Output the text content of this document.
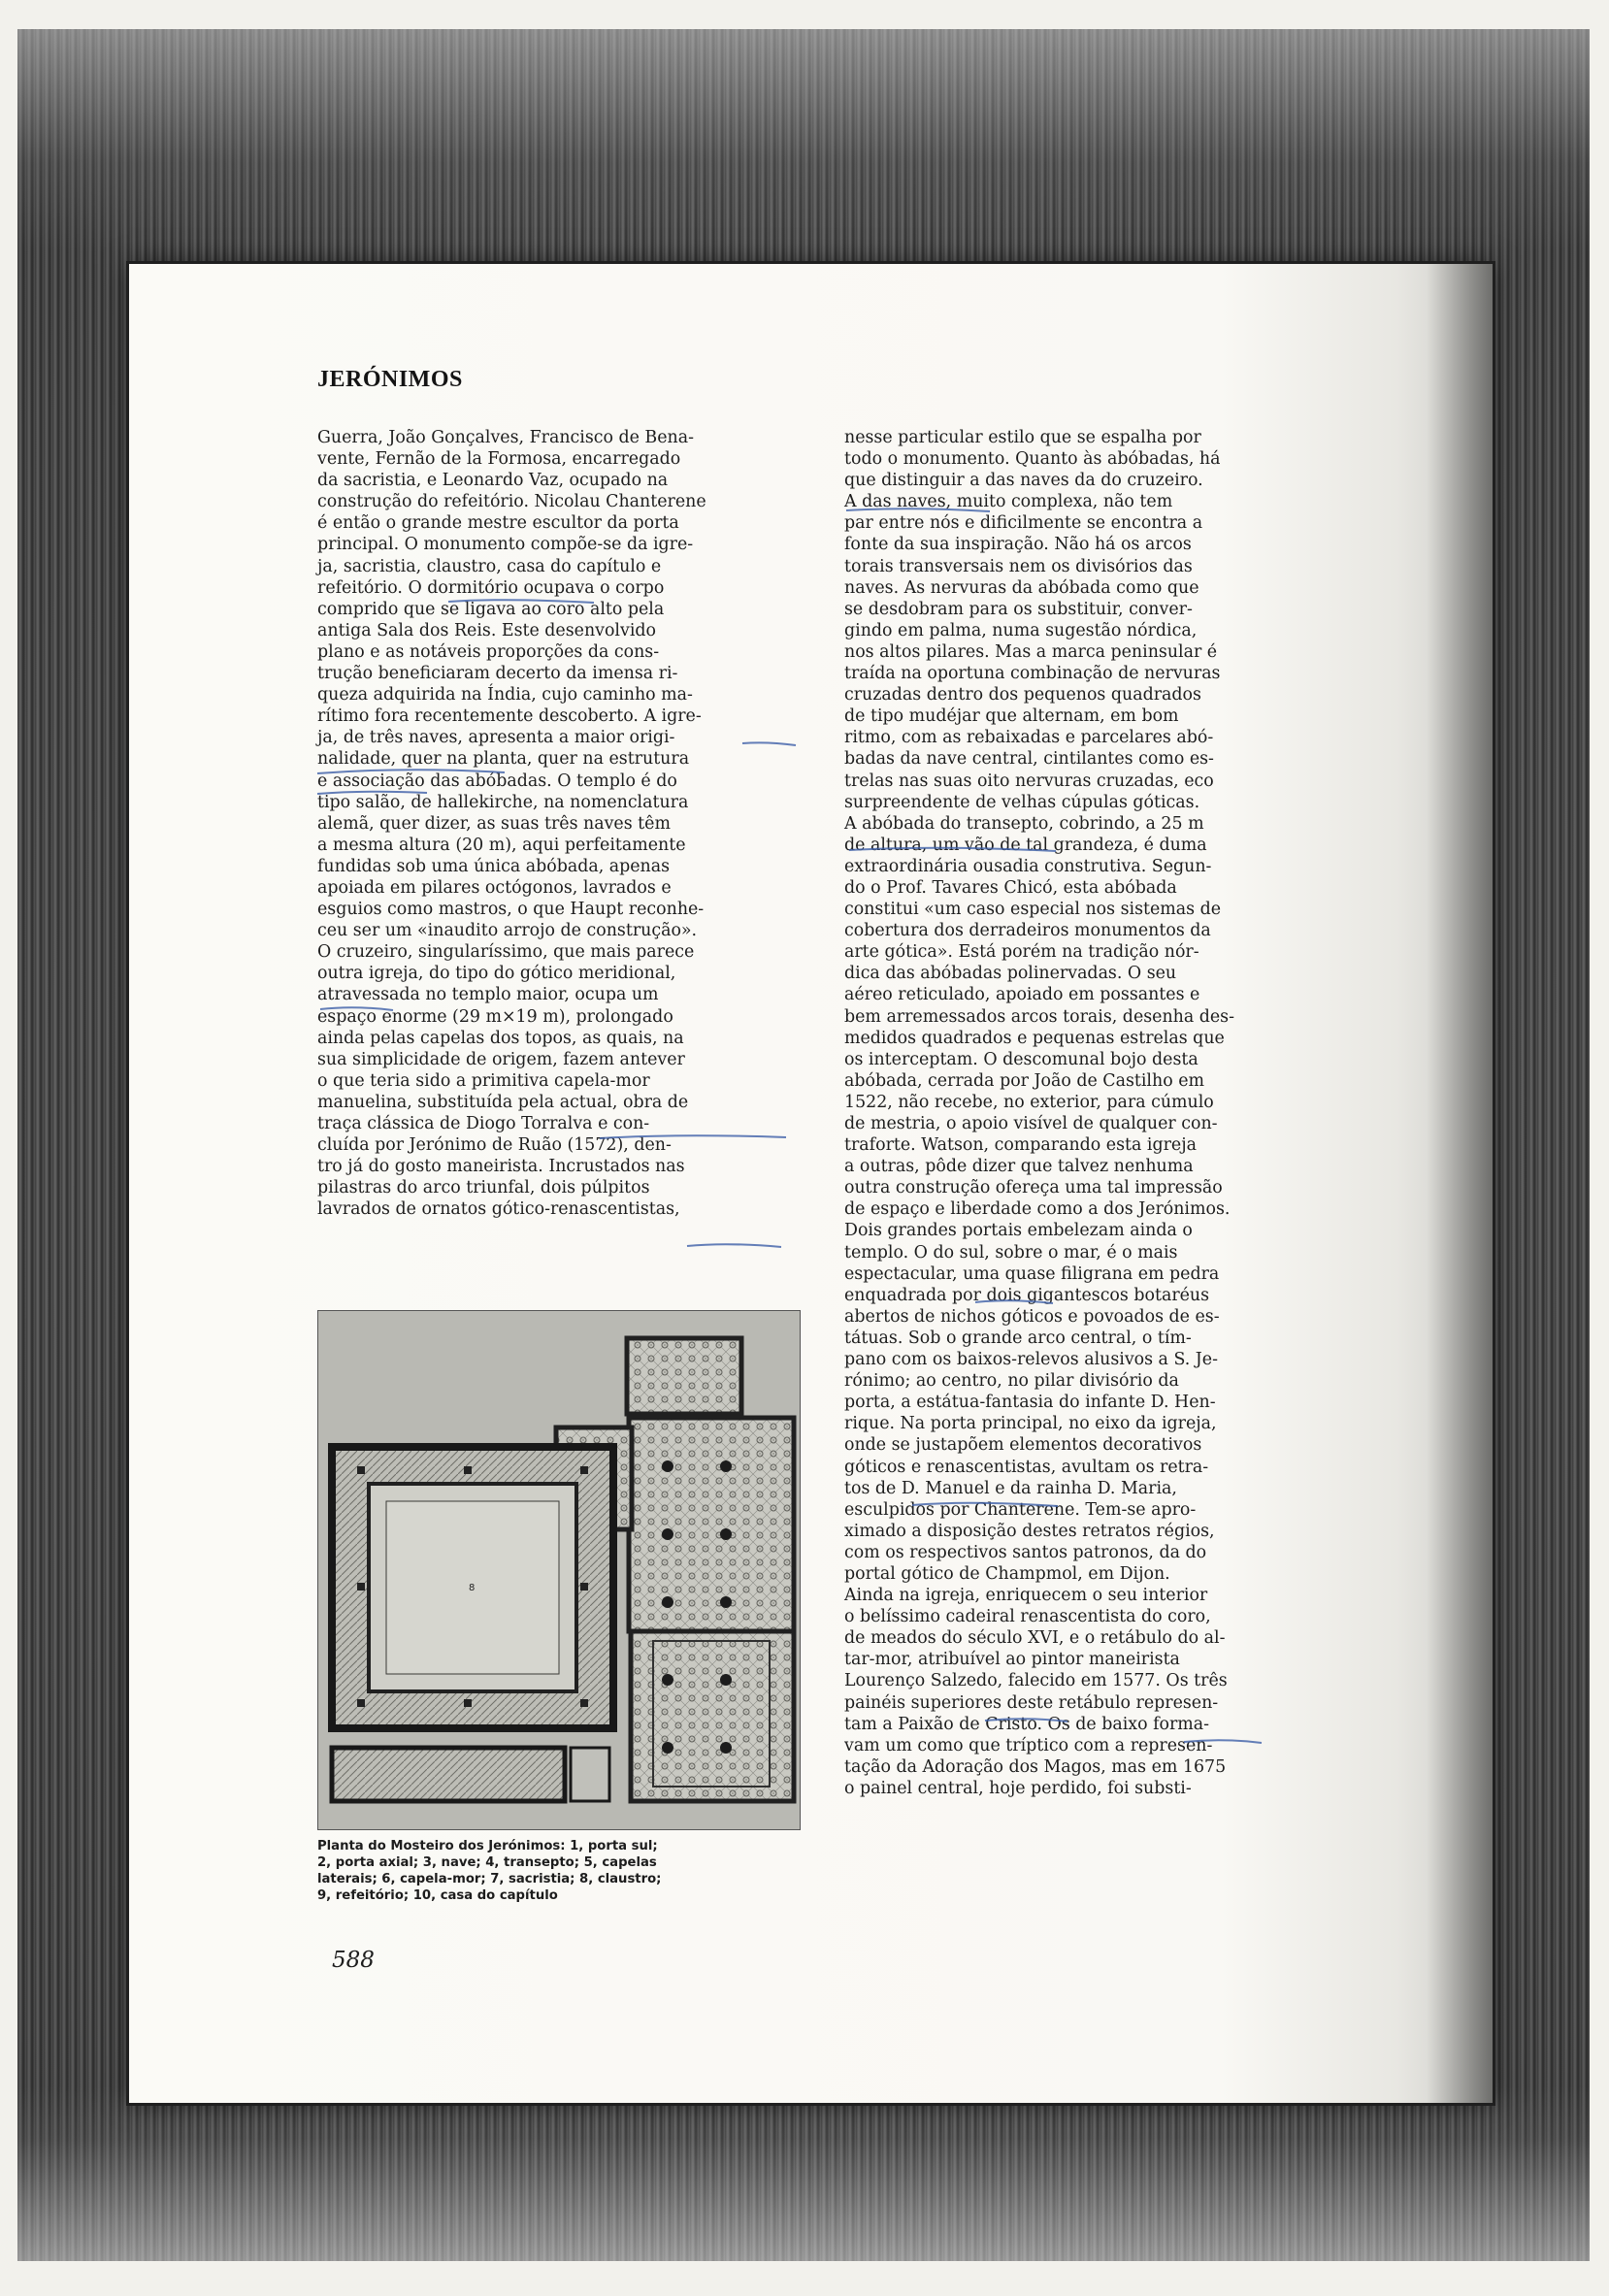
JERÓNIMOS

Guerra, João Gonçalves, Francisco de Bena-
vente, Fernão de la Formosa, encarregado
da sacristia, e Leonardo Vaz, ocupado na
construção do refeitório. Nicolau Chanterene
é então o grande mestre escultor da porta
principal. O monumento compõe-se da igre-
ja, sacristia, claustro, casa do capítulo e
refeitório. O dormitório ocupava o corpo
comprido que se ligava ao coro alto pela
antiga Sala dos Reis. Este desenvolvido
plano e as notáveis proporções da cons-
trução beneficiaram decerto da imensa ri-
queza adquirida na Índia, cujo caminho ma-
rítimo fora recentemente descoberto. A igre-
ja, de três naves, apresenta a maior origi-
nalidade, quer na planta, quer na estrutura
e associação das abóbadas. O templo é do
tipo salão, de hallekirche, na nomenclatura
alemã, quer dizer, as suas três naves têm
a mesma altura (20 m), aqui perfeitamente
fundidas sob uma única abóbada, apenas
apoiada em pilares octógonos, lavrados e
esguios como mastros, o que Haupt reconhe-
ceu ser um «inaudito arrojo de construção».
O cruzeiro, singularíssimo, que mais parece
outra igreja, do tipo do gótico meridional,
atravessada no templo maior, ocupa um
espaço enorme (29 m×19 m), prolongado
ainda pelas capelas dos topos, as quais, na
sua simplicidade de origem, fazem antever
o que teria sido a primitiva capela-mor
manuelina, substituída pela actual, obra de
traça clássica de Diogo Torralva e con-
cluída por Jerónimo de Ruão (1572), den-
tro já do gosto maneirista. Incrustados nas
pilastras do arco triunfal, dois púlpitos
lavrados de ornatos gótico-renascentistas,

nesse particular estilo que se espalha por
todo o monumento. Quanto às abóbadas, há
que distinguir a das naves da do cruzeiro.
A das naves, muito complexa, não tem
par entre nós e dificilmente se encontra a
fonte da sua inspiração. Não há os arcos
torais transversais nem os divisórios das
naves. As nervuras da abóbada como que
se desdobram para os substituir, conver-
gindo em palma, numa sugestão nórdica,
nos altos pilares. Mas a marca peninsular é
traída na oportuna combinação de nervuras
cruzadas dentro dos pequenos quadrados
de tipo mudéjar que alternam, em bom
ritmo, com as rebaixadas e parcelares abó-
badas da nave central, cintilantes como es-
trelas nas suas oito nervuras cruzadas, eco
surpreendente de velhas cúpulas góticas.
A abóbada do transepto, cobrindo, a 25 m
de altura, um vão de tal grandeza, é duma
extraordinária ousadia construtiva. Segun-
do o Prof. Tavares Chicó, esta abóbada
constitui «um caso especial nos sistemas de
cobertura dos derradeiros monumentos da
arte gótica». Está porém na tradição nór-
dica das abóbadas polinervadas. O seu
aéreo reticulado, apoiado em possantes e
bem arremessados arcos torais, desenha des-
medidos quadrados e pequenas estrelas que
os interceptam. O descomunal bojo desta
abóbada, cerrada por João de Castilho em
1522, não recebe, no exterior, para cúmulo
de mestria, o apoio visível de qualquer con-
traforte. Watson, comparando esta igreja
a outras, pôde dizer que talvez nenhuma
outra construção ofereça uma tal impressão
de espaço e liberdade como a dos Jerónimos.
Dois grandes portais embelezam ainda o
templo. O do sul, sobre o mar, é o mais
espectacular, uma quase filigrana em pedra
enquadrada por dois gigantescos botaréus
abertos de nichos góticos e povoados de es-
tátuas. Sob o grande arco central, o tím-
pano com os baixos-relevos alusivos a S. Je-
rónimo; ao centro, no pilar divisório da
porta, a estátua-fantasia do infante D. Hen-
rique. Na porta principal, no eixo da igreja,
onde se justapõem elementos decorativos
góticos e renascentistas, avultam os retra-
tos de D. Manuel e da rainha D. Maria,
esculpidos por Chanterene. Tem-se apro-
ximado a disposição destes retratos régios,
com os respectivos santos patronos, da do
portal gótico de Champmol, em Dijon.
Ainda na igreja, enriquecem o seu interior
o belíssimo cadeiral renascentista do coro,
de meados do século XVI, e o retábulo do al-
tar-mor, atribuível ao pintor maneirista
Lourenço Salzedo, falecido em 1577. Os três
painéis superiores deste retábulo represen-
tam a Paixão de Cristo. Os de baixo forma-
vam um como que tríptico com a represen-
tação da Adoração dos Magos, mas em 1675
o painel central, hoje perdido, foi substi-

8

Planta do Mosteiro dos Jerónimos: 1, porta sul;
2, porta axial; 3, nave; 4, transepto; 5, capelas
laterais; 6, capela-mor; 7, sacristia; 8, claustro;
9, refeitório; 10, casa do capítulo

588
